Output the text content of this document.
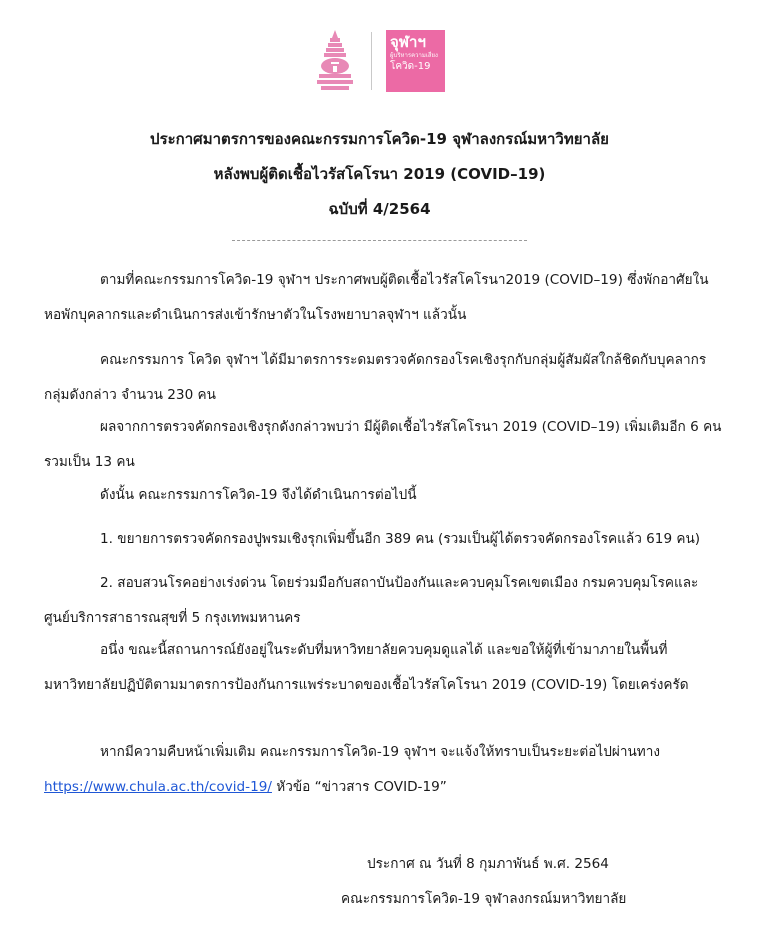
จุฬาฯ
ผู้บริหารความเสี่ยง
โควิด-19
ประกาศมาตรการของคณะกรรมการโควิด-19 จุฬาลงกรณ์มหาวิทยาลัย
หลังพบผู้ติดเชื้อไวรัสโคโรนา 2019 (COVID–19)
ฉบับที่ 4/2564

ตามที่คณะกรรมการโควิด-19 จุฬาฯ ประกาศพบผู้ติดเชื้อไวรัสโคโรนา2019 (COVID–19) ซึ่งพักอาศัยในหอพักบุคลากรและดำเนินการส่งเข้ารักษาตัวในโรงพยาบาลจุฬาฯ แล้วนั้น

คณะกรรมการ โควิด จุฬาฯ ได้มีมาตรการระดมตรวจคัดกรองโรคเชิงรุกกับกลุ่มผู้สัมผัสใกล้ชิดกับบุคลากรกลุ่มดังกล่าว จำนวน 230 คน

ผลจากการตรวจคัดกรองเชิงรุกดังกล่าวพบว่า มีผู้ติดเชื้อไวรัสโคโรนา 2019 (COVID–19) เพิ่มเติมอีก 6 คน รวมเป็น 13 คน

ดังนั้น คณะกรรมการโควิด-19 จึงได้ดำเนินการต่อไปนี้

1. ขยายการตรวจคัดกรองปูพรมเชิงรุกเพิ่มขึ้นอีก 389 คน (รวมเป็นผู้ได้ตรวจคัดกรองโรคแล้ว 619 คน)

2. สอบสวนโรคอย่างเร่งด่วน โดยร่วมมือกับสถาบันป้องกันและควบคุมโรคเขตเมือง กรมควบคุมโรคและศูนย์บริการสาธารณสุขที่ 5 กรุงเทพมหานคร

อนึ่ง ขณะนี้สถานการณ์ยังอยู่ในระดับที่มหาวิทยาลัยควบคุมดูแลได้ และขอให้ผู้ที่เข้ามาภายในพื้นที่มหาวิทยาลัยปฏิบัติตามมาตรการป้องกันการแพร่ระบาดของเชื้อไวรัสโคโรนา 2019 (COVID-19) โดยเคร่งครัด

หากมีความคืบหน้าเพิ่มเติม คณะกรรมการโควิด-19 จุฬาฯ จะแจ้งให้ทราบเป็นระยะต่อไปผ่านทาง https://www.chula.ac.th/covid-19/ หัวข้อ “ข่าวสาร COVID-19”

ประกาศ ณ วันที่ 8 กุมภาพันธ์ พ.ศ. 2564
คณะกรรมการโควิด-19 จุฬาลงกรณ์มหาวิทยาลัย
